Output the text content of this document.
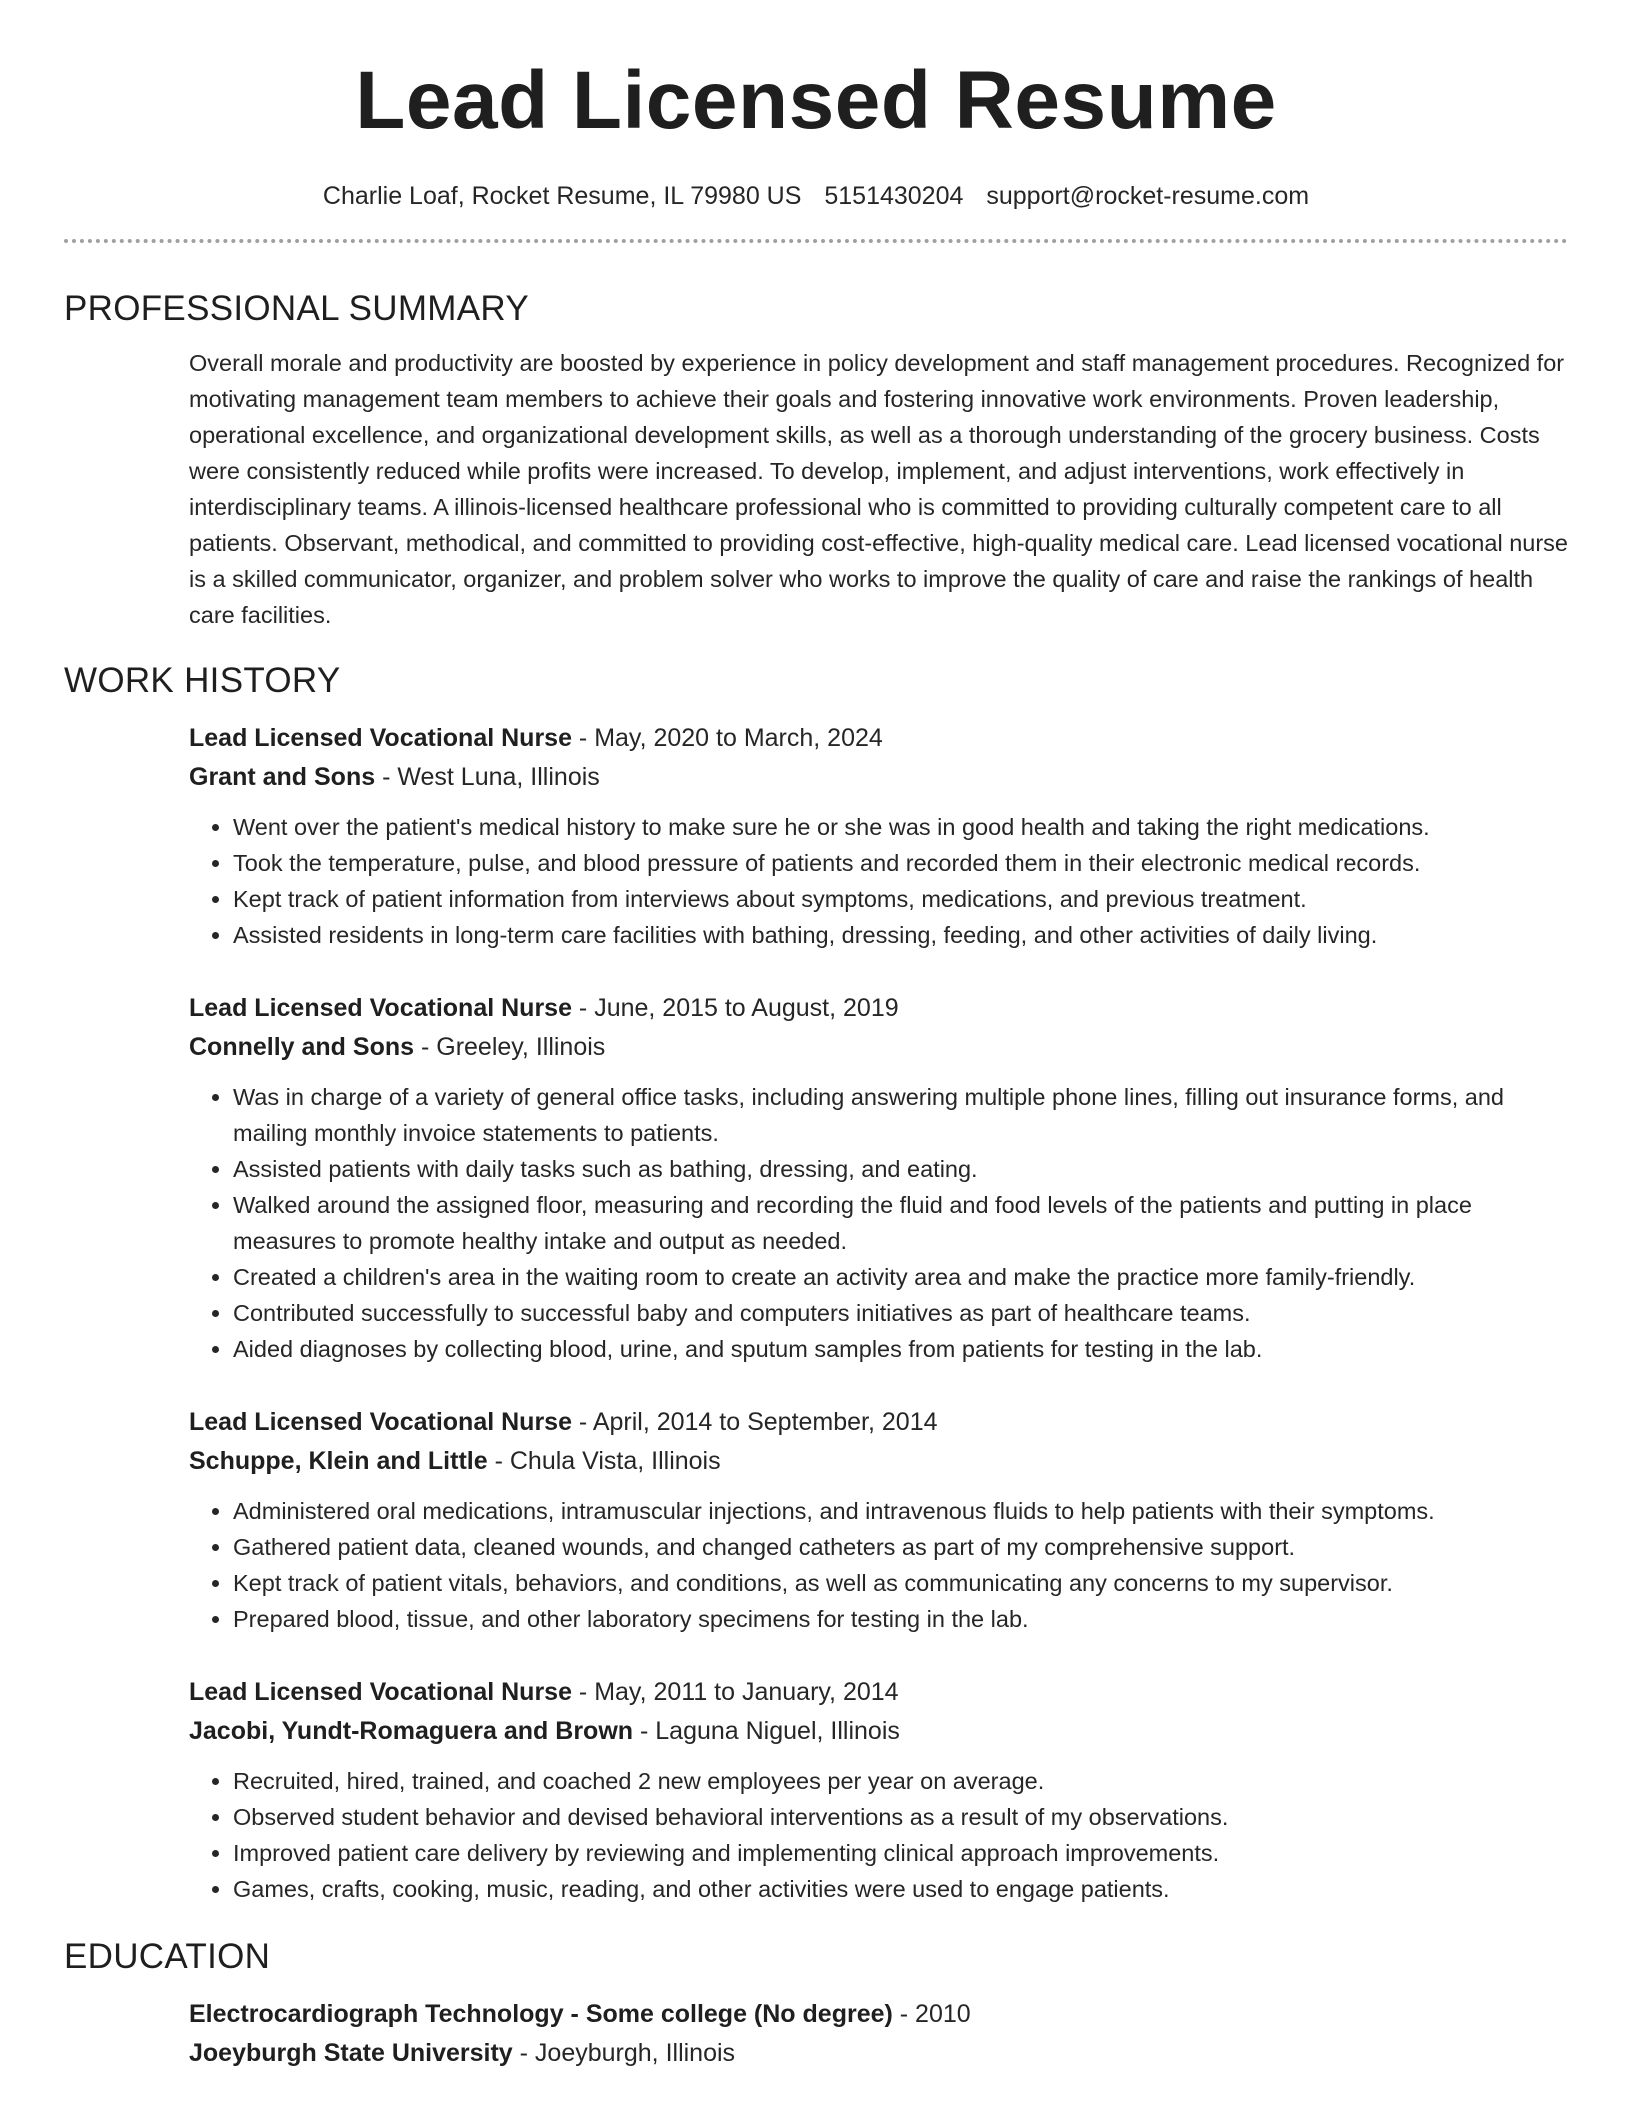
Lead Licensed Resume
Charlie Loaf, Rocket Resume, IL 79980 US 5151430204 support@rocket-resume.com
PROFESSIONAL SUMMARY

Overall morale and productivity are boosted by experience in policy development and staff management procedures. Recognized for motivating management team members to achieve their goals and fostering innovative work environments. Proven leadership, operational excellence, and organizational development skills, as well as a thorough understanding of the grocery business. Costs were consistently reduced while profits were increased. To develop, implement, and adjust interventions, work effectively in interdisciplinary teams. A illinois-licensed healthcare professional who is committed to providing culturally competent care to all patients. Observant, methodical, and committed to providing cost-effective, high-quality medical care. Lead licensed vocational nurse is a skilled communicator, organizer, and problem solver who works to improve the quality of care and raise the rankings of health care facilities.

WORK HISTORY
Lead Licensed Vocational Nurse - May, 2020 to March, 2024
Grant and Sons - West Luna, Illinois
• Went over the patient's medical history to make sure he or she was in good health and taking the right medications.
• Took the temperature, pulse, and blood pressure of patients and recorded them in their electronic medical records.
• Kept track of patient information from interviews about symptoms, medications, and previous treatment.
• Assisted residents in long-term care facilities with bathing, dressing, feeding, and other activities of daily living.
Lead Licensed Vocational Nurse - June, 2015 to August, 2019
Connelly and Sons - Greeley, Illinois
• Was in charge of a variety of general office tasks, including answering multiple phone lines, filling out insurance forms, and mailing monthly invoice statements to patients.
• Assisted patients with daily tasks such as bathing, dressing, and eating.
• Walked around the assigned floor, measuring and recording the fluid and food levels of the patients and putting in place measures to promote healthy intake and output as needed.
• Created a children's area in the waiting room to create an activity area and make the practice more family-friendly.
• Contributed successfully to successful baby and computers initiatives as part of healthcare teams.
• Aided diagnoses by collecting blood, urine, and sputum samples from patients for testing in the lab.
Lead Licensed Vocational Nurse - April, 2014 to September, 2014
Schuppe, Klein and Little - Chula Vista, Illinois
• Administered oral medications, intramuscular injections, and intravenous fluids to help patients with their symptoms.
• Gathered patient data, cleaned wounds, and changed catheters as part of my comprehensive support.
• Kept track of patient vitals, behaviors, and conditions, as well as communicating any concerns to my supervisor.
• Prepared blood, tissue, and other laboratory specimens for testing in the lab.
Lead Licensed Vocational Nurse - May, 2011 to January, 2014
Jacobi, Yundt-Romaguera and Brown - Laguna Niguel, Illinois
• Recruited, hired, trained, and coached 2 new employees per year on average.
• Observed student behavior and devised behavioral interventions as a result of my observations.
• Improved patient care delivery by reviewing and implementing clinical approach improvements.
• Games, crafts, cooking, music, reading, and other activities were used to engage patients.
EDUCATION
Electrocardiograph Technology - Some college (No degree) - 2010
Joeyburgh State University - Joeyburgh, Illinois
